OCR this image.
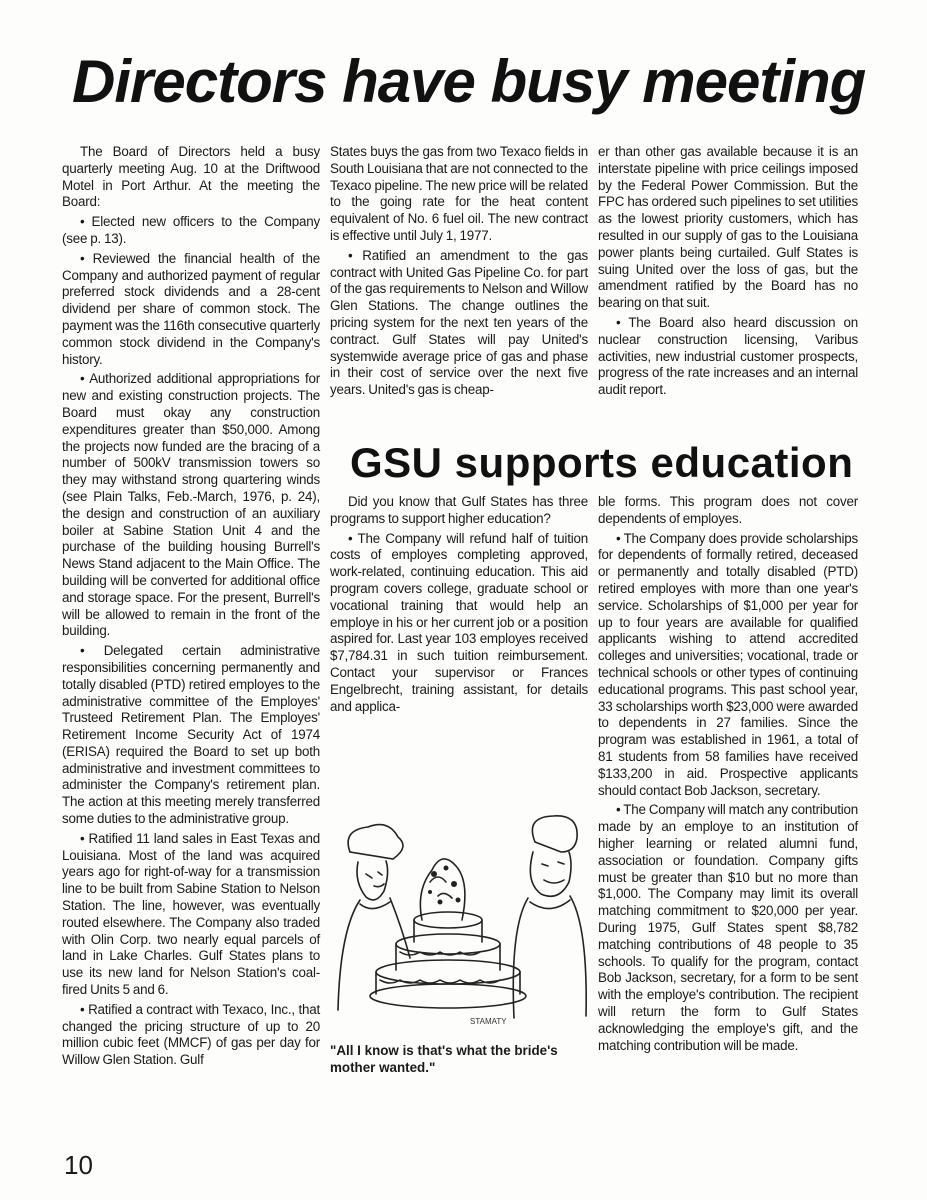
Directors have busy meeting

The Board of Directors held a busy quarterly meeting Aug. 10 at the Driftwood Motel in Port Arthur. At the meeting the Board:

• Elected new officers to the Company (see p. 13).

• Reviewed the financial health of the Company and authorized payment of regular preferred stock dividends and a 28-cent dividend per share of common stock. The payment was the 116th consecutive quarterly common stock dividend in the Company's history.

• Authorized additional appropriations for new and existing construction projects. The Board must okay any construction expenditures greater than $50,000. Among the projects now funded are the bracing of a number of 500kV transmission towers so they may withstand strong quartering winds (see Plain Talks, Feb.-March, 1976, p. 24), the design and construction of an auxiliary boiler at Sabine Station Unit 4 and the purchase of the building housing Burrell's News Stand adjacent to the Main Office. The building will be converted for additional office and storage space. For the present, Burrell's will be allowed to remain in the front of the building.

• Delegated certain administrative responsibilities concerning permanently and totally disabled (PTD) retired employes to the administrative committee of the Employes' Trusteed Retirement Plan. The Employes' Retirement Income Security Act of 1974 (ERISA) required the Board to set up both administrative and investment committees to administer the Company's retirement plan. The action at this meeting merely transferred some duties to the administrative group.

• Ratified 11 land sales in East Texas and Louisiana. Most of the land was acquired years ago for right-of-way for a transmission line to be built from Sabine Station to Nelson Station. The line, however, was eventually routed elsewhere. The Company also traded with Olin Corp. two nearly equal parcels of land in Lake Charles. Gulf States plans to use its new land for Nelson Station's coal-fired Units 5 and 6.

• Ratified a contract with Texaco, Inc., that changed the pricing structure of up to 20 million cubic feet (MMCF) of gas per day for Willow Glen Station. Gulf

States buys the gas from two Texaco fields in South Louisiana that are not connected to the Texaco pipeline. The new price will be related to the going rate for the heat content equivalent of No. 6 fuel oil. The new contract is effective until July 1, 1977.

• Ratified an amendment to the gas contract with United Gas Pipeline Co. for part of the gas requirements to Nelson and Willow Glen Stations. The change outlines the pricing system for the next ten years of the contract. Gulf States will pay United's systemwide average price of gas and phase in their cost of service over the next five years. United's gas is cheap-

er than other gas available because it is an interstate pipeline with price ceilings imposed by the Federal Power Commission. But the FPC has ordered such pipelines to set utilities as the lowest priority customers, which has resulted in our supply of gas to the Louisiana power plants being curtailed. Gulf States is suing United over the loss of gas, but the amendment ratified by the Board has no bearing on that suit.

• The Board also heard discussion on nuclear construction licensing, Varibus activities, new industrial customer prospects, progress of the rate increases and an internal audit report.

GSU supports education

Did you know that Gulf States has three programs to support higher education?

• The Company will refund half of tuition costs of employes completing approved, work-related, continuing education. This aid program covers college, graduate school or vocational training that would help an employe in his or her current job or a position aspired for. Last year 103 employes received $7,784.31 in such tuition reimbursement. Contact your supervisor or Frances Engelbrecht, training assistant, for details and applica-

ble forms. This program does not cover dependents of employes.

• The Company does provide scholarships for dependents of formally retired, deceased or permanently and totally disabled (PTD) retired employes with more than one year's service. Scholarships of $1,000 per year for up to four years are available for qualified applicants wishing to attend accredited colleges and universities; vocational, trade or technical schools or other types of continuing educational programs. This past school year, 33 scholarships worth $23,000 were awarded to dependents in 27 families. Since the program was established in 1961, a total of 81 students from 58 families have received $133,200 in aid. Prospective applicants should contact Bob Jackson, secretary.

• The Company will match any contribution made by an employe to an institution of higher learning or related alumni fund, association or foundation. Company gifts must be greater than $10 but no more than $1,000. The Company may limit its overall matching commitment to $20,000 per year. During 1975, Gulf States spent $8,782 matching contributions of 48 people to 35 schools. To qualify for the program, contact Bob Jackson, secretary, for a form to be sent with the employe's contribution. The recipient will return the form to Gulf States acknowledging the employe's gift, and the matching contribution will be made.

STAMATY
"All I know is that's what the bride's mother wanted."
10
